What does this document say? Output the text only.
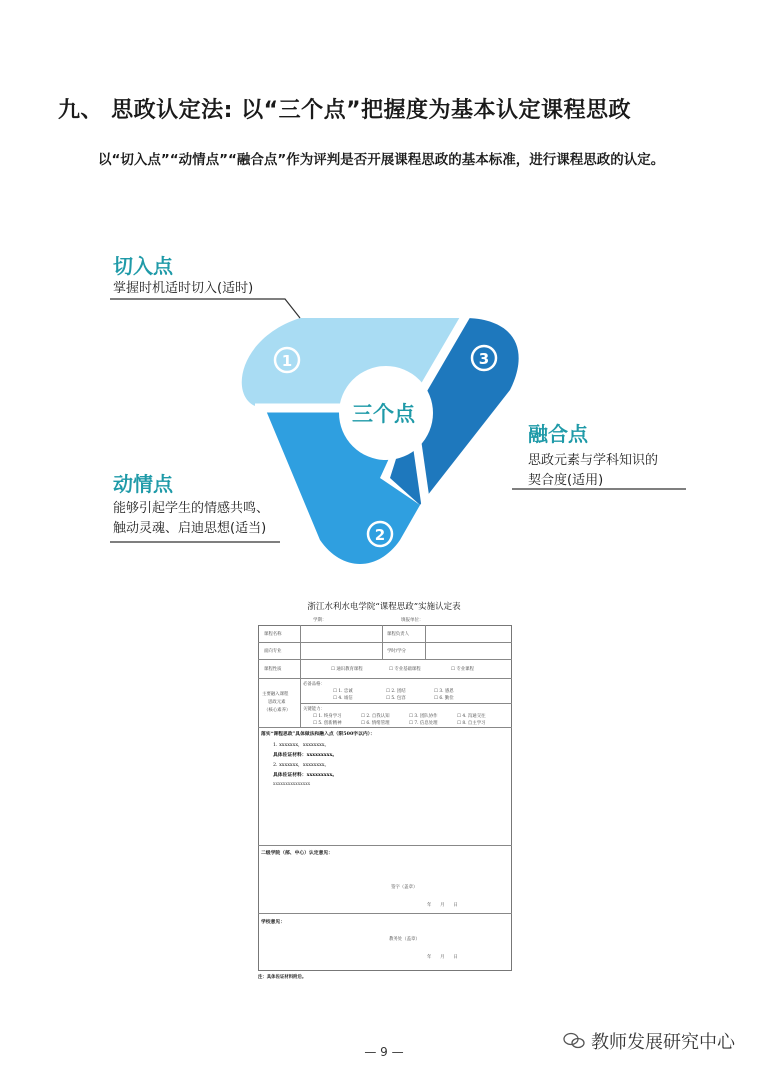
九、 思政认定法: 以“三个点”把握度为基本认定课程思政
以“切入点”“动情点”“融合点”作为评判是否开展课程思政的基本标准，进行课程思政的认定。
1	3
2
三个点
切入点
掌握时机适时切入(适时)
融合点
思政元素与学科知识的
契合度(适用)
动情点
能够引起学生的情感共鸣、
触动灵魂、启迪思想(适当)
浙江水利水电学院“课程思政”实施认定表
学期：	填报单位：
课程名称	课程负责人
面向专业	学时/学分
课程性质	☐ 通识教育课程	☐ 专业基础课程	☐ 专业课程
主要融入课程
思政元素
（核心素养）
必备品格：
☐ 1. 忠诚	☐ 2. 团结	☐ 3. 感恩
☐ 4. 诚信	☐ 5. 包容	☐ 6. 勤俭
关键能力：
☐ 1. 终身学习	☐ 2. 自我认知	☐ 3. 团队协作	☐ 4. 沟通交往
☐ 5. 创新精神	☐ 6. 情绪管理	☐ 7. 信息处理	☐ 8. 自主学习
落实“课程思政”具体做法和融入点（限500字以内）：
1. xxxxxxx，xxxxxxxx。
具体佐证材料：xxxxxxxxx。
2. xxxxxxx，xxxxxxxx。
具体佐证材料：xxxxxxxxx。
xxxxxxxxxxxxxxx
二级学院（部、中心）认定意见：
签字（盖章）
年　　月　　日
学校意见：
教务处（盖章）
年　　月　　日
注：具体佐证材料附后。
教师发展研究中心
— 9 —
